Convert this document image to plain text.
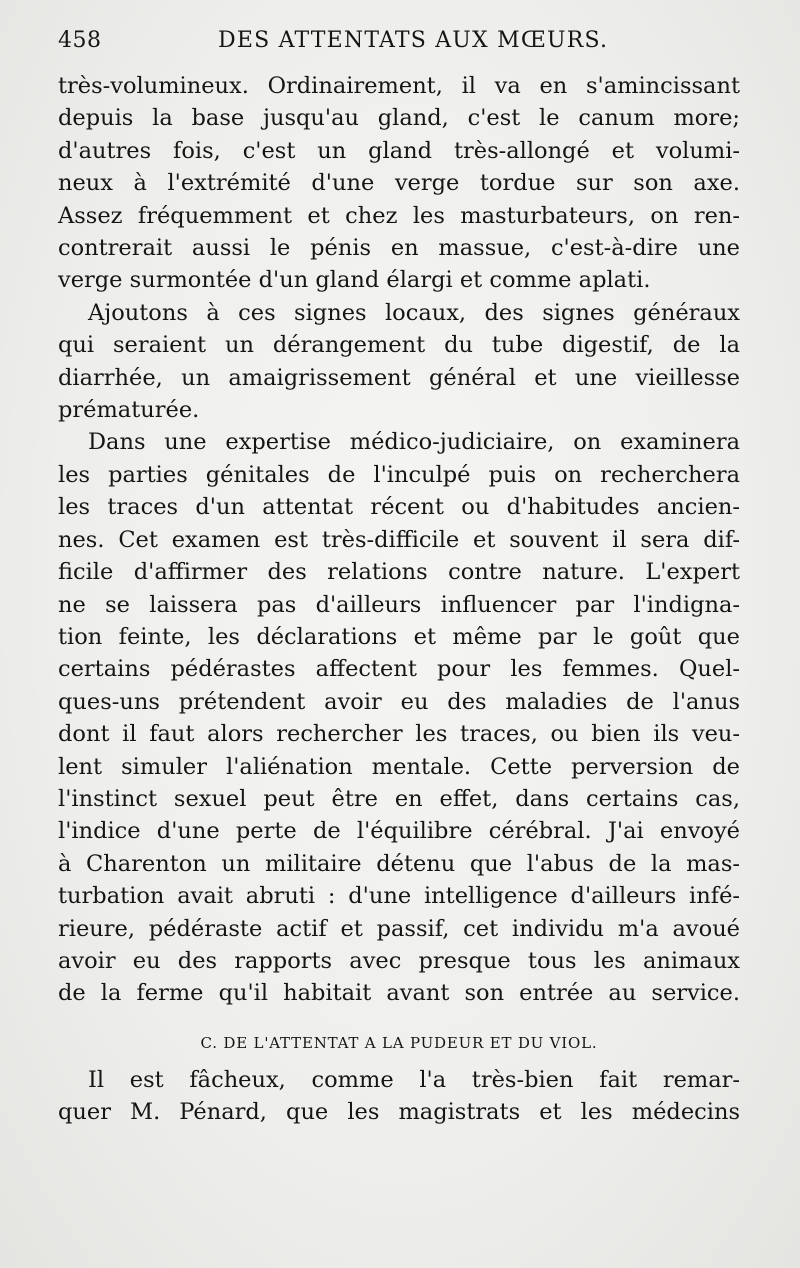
458	DES ATTENTATS AUX MŒURS.

très-volumineux. Ordinairement, il va en s'amincissant
depuis la base jusqu'au gland, c'est le canum more;
d'autres fois, c'est un gland très-allongé et volumi-
neux à l'extrémité d'une verge tordue sur son axe.
Assez fréquemment et chez les masturbateurs, on ren-
contrerait aussi le pénis en massue, c'est-à-dire une
verge surmontée d'un gland élargi et comme aplati.

Ajoutons à ces signes locaux, des signes généraux
qui seraient un dérangement du tube digestif, de la
diarrhée, un amaigrissement général et une vieillesse
prématurée.

Dans une expertise médico-judiciaire, on examinera
les parties génitales de l'inculpé puis on recherchera
les traces d'un attentat récent ou d'habitudes ancien-
nes. Cet examen est très-difficile et souvent il sera dif-
ficile d'affirmer des relations contre nature. L'expert
ne se laissera pas d'ailleurs influencer par l'indigna-
tion feinte, les déclarations et même par le goût que
certains pédérastes affectent pour les femmes. Quel-
ques-uns prétendent avoir eu des maladies de l'anus
dont il faut alors rechercher les traces, ou bien ils veu-
lent simuler l'aliénation mentale. Cette perversion de
l'instinct sexuel peut être en effet, dans certains cas,
l'indice d'une perte de l'équilibre cérébral. J'ai envoyé
à Charenton un militaire détenu que l'abus de la mas-
turbation avait abruti : d'une intelligence d'ailleurs infé-
rieure, pédéraste actif et passif, cet individu m'a avoué
avoir eu des rapports avec presque tous les animaux
de la ferme qu'il habitait avant son entrée au service.

C. DE L'ATTENTAT A LA PUDEUR ET DU VIOL.
Il est fâcheux, comme l'a très-bien fait remar-
quer M. Pénard, que les magistrats et les médecins
